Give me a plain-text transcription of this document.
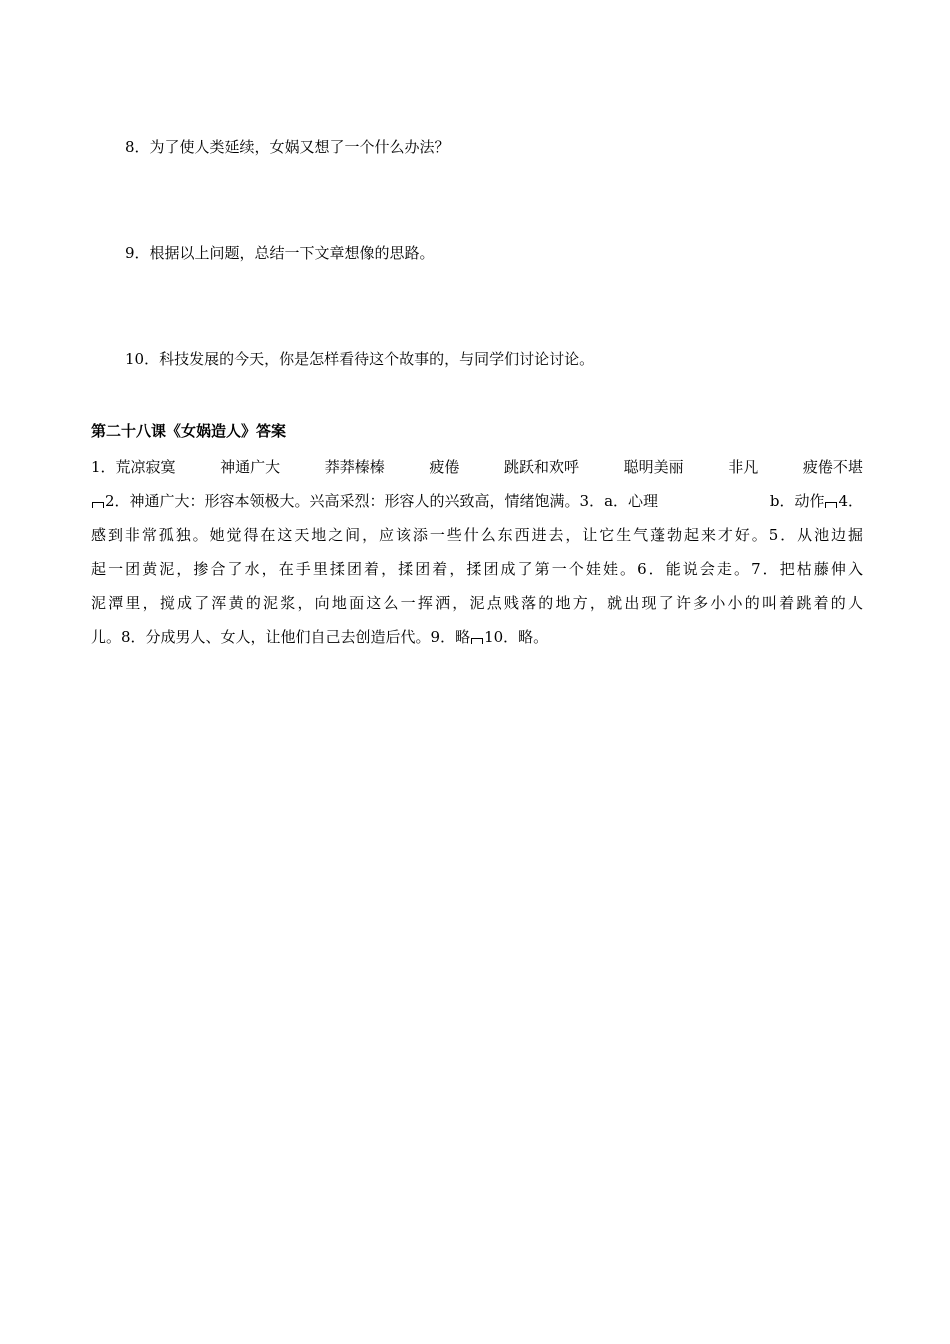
8．为了使人类延续，女娲又想了一个什么办法？
9．根据以上问题，总结一下文章想像的思路。
10．科技发展的今天，你是怎样看待这个故事的，与同学们讨论讨论。
第二十八课《女娲造人》答案
1．荒凉寂寞	神通广大	莽莽榛榛	疲倦	跳跃和欢呼	聪明美丽	非凡	疲倦不堪
2．神通广大：形容本领极大。兴高采烈：形容人的兴致高，情绪饱满。3．a．心理	b．动作 4．
感到非常孤独。她觉得在这天地之间，应该添一些什么东西进去，让它生气蓬勃起来才好。5．从池边掘
起一团黄泥，掺合了水，在手里揉团着，揉团着，揉团成了第一个娃娃。6．能说会走。7．把枯藤伸入
泥潭里，搅成了浑黄的泥浆，向地面这么一挥洒，泥点贱落的地方，就出现了许多小小的叫着跳着的人
儿。8．分成男人、女人，让他们自己去创造后代。9．略 10．略。
